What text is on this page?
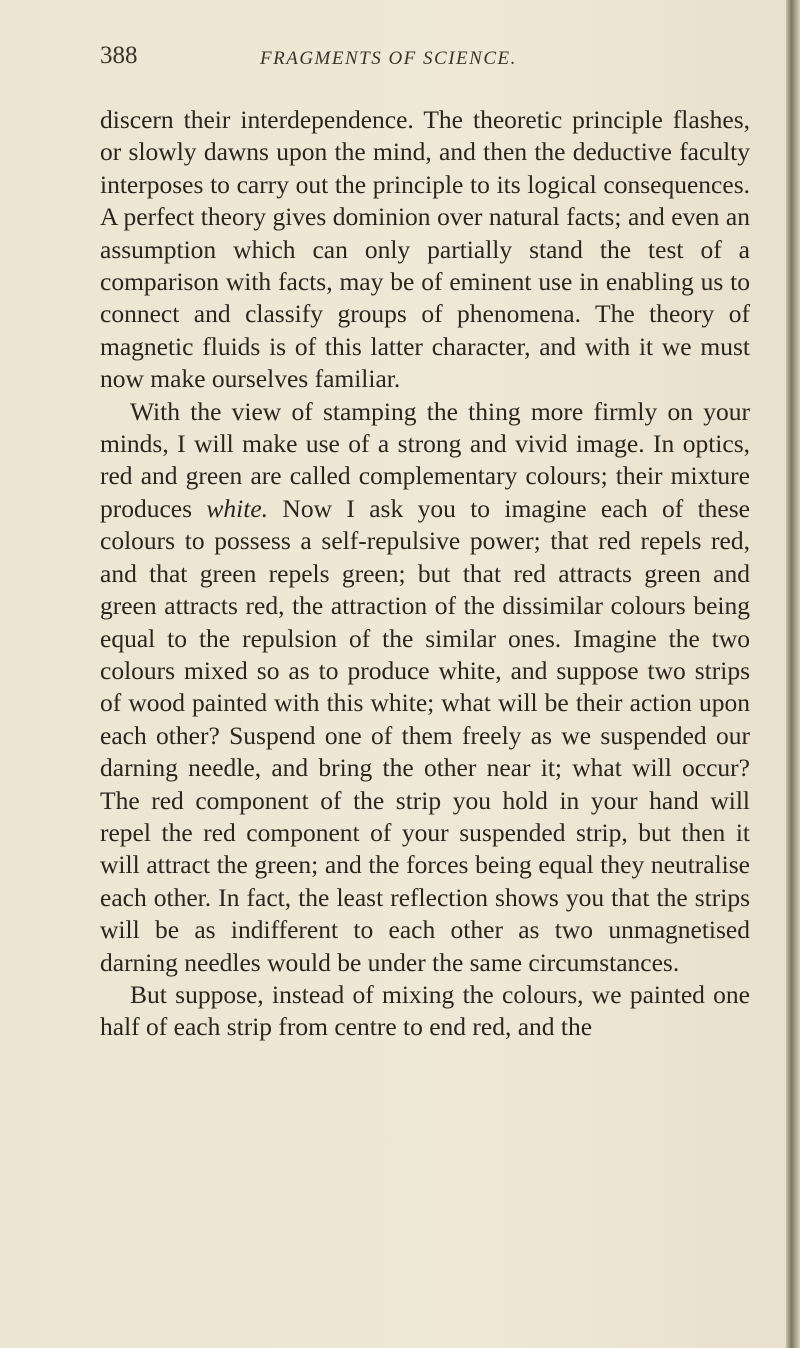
388	FRAGMENTS OF SCIENCE.

discern their interdependence. The theoretic principle flashes, or slowly dawns upon the mind, and then the deductive faculty interposes to carry out the principle to its logical consequences. A perfect theory gives dominion over natural facts; and even an assumption which can only partially stand the test of a comparison with facts, may be of eminent use in enabling us to connect and classify groups of phenomena. The theory of magnetic fluids is of this latter character, and with it we must now make ourselves familiar.

With the view of stamping the thing more firmly on your minds, I will make use of a strong and vivid image. In optics, red and green are called complementary colours; their mixture produces white. Now I ask you to imagine each of these colours to possess a self-repulsive power; that red repels red, and that green repels green; but that red attracts green and green attracts red, the attraction of the dissimilar colours being equal to the repulsion of the similar ones. Imagine the two colours mixed so as to produce white, and suppose two strips of wood painted with this white; what will be their action upon each other? Suspend one of them freely as we suspended our darning needle, and bring the other near it; what will occur? The red component of the strip you hold in your hand will repel the red component of your suspended strip, but then it will attract the green; and the forces being equal they neutralise each other. In fact, the least reflection shows you that the strips will be as indifferent to each other as two unmagnetised darning needles would be under the same circumstances.

But suppose, instead of mixing the colours, we painted one half of each strip from centre to end red, and the
